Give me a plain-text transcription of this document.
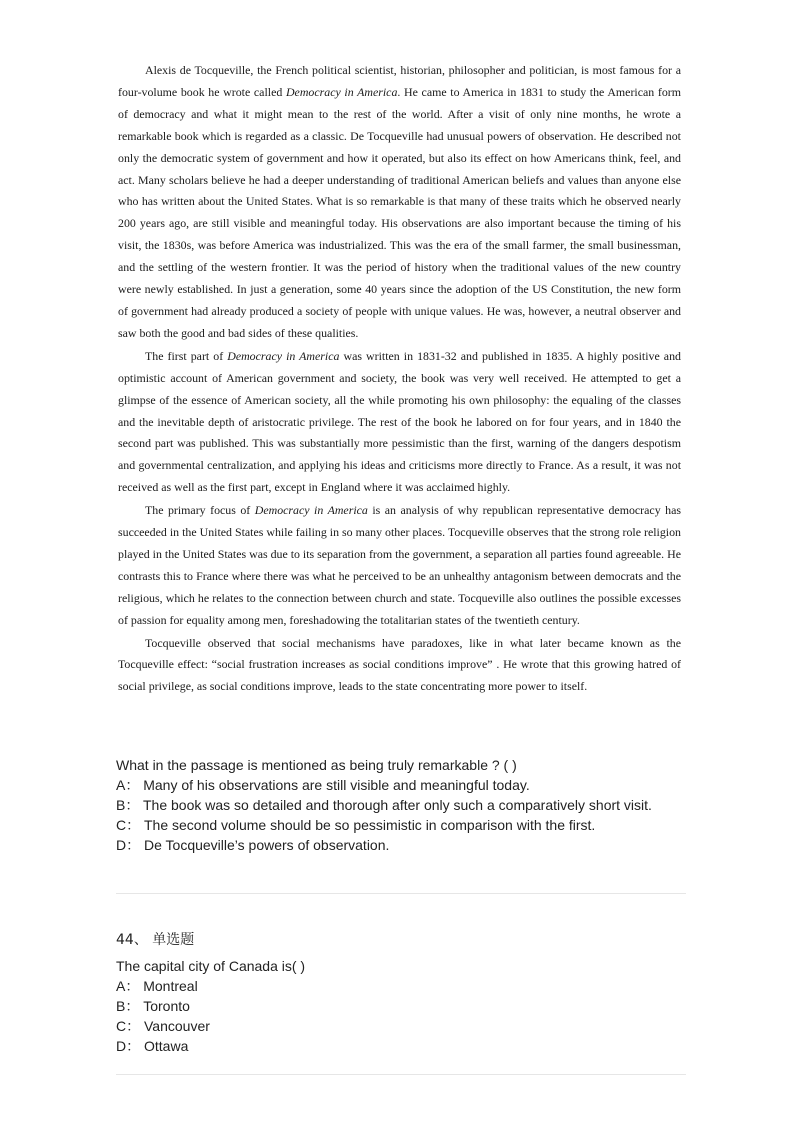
Alexis de Tocqueville, the French political scientist, historian, philosopher and politician, is most famous for a four-volume book he wrote called Democracy in America. He came to America in 1831 to study the American form of democracy and what it might mean to the rest of the world. After a visit of only nine months, he wrote a remarkable book which is regarded as a classic. De Tocqueville had unusual powers of observation. He described not only the democratic system of government and how it operated, but also its effect on how Americans think, feel, and act. Many scholars believe he had a deeper understanding of traditional American beliefs and values than anyone else who has written about the United States. What is so remarkable is that many of these traits which he observed nearly 200 years ago, are still visible and meaningful today. His observations are also important because the timing of his visit, the 1830s, was before America was industrialized. This was the era of the small farmer, the small businessman, and the settling of the western frontier. It was the period of history when the traditional values of the new country were newly established. In just a generation, some 40 years since the adoption of the US Constitution, the new form of government had already produced a society of people with unique values. He was, however, a neutral observer and saw both the good and bad sides of these qualities.

The first part of Democracy in America was written in 1831-32 and published in 1835. A highly positive and optimistic account of American government and society, the book was very well received. He attempted to get a glimpse of the essence of American society, all the while promoting his own philosophy: the equaling of the classes and the inevitable depth of aristocratic privilege. The rest of the book he labored on for four years, and in 1840 the second part was published. This was substantially more pessimistic than the first, warning of the dangers despotism and governmental centralization, and applying his ideas and criticisms more directly to France. As a result, it was not received as well as the first part, except in England where it was acclaimed highly.

The primary focus of Democracy in America is an analysis of why republican representative democracy has succeeded in the United States while failing in so many other places. Tocqueville observes that the strong role religion played in the United States was due to its separation from the government, a separation all parties found agreeable. He contrasts this to France where there was what he perceived to be an unhealthy antagonism between democrats and the religious, which he relates to the connection between church and state. Tocqueville also outlines the possible excesses of passion for equality among men, foreshadowing the totalitarian states of the twentieth century.

Tocqueville observed that social mechanisms have paradoxes, like in what later became known as the Tocqueville effect: “social frustration increases as social conditions improve” . He wrote that this growing hatred of social privilege, as social conditions improve, leads to the state concentrating more power to itself.

What in the passage is mentioned as being truly remarkable ? ( )

A： Many of his observations are still visible and meaningful today.
B： The book was so detailed and thorough after only such a comparatively short visit.
C： The second volume should be so pessimistic in comparison with the first.
D： De Tocqueville’s powers of observation.
44、 单选题

The capital city of Canada is( )

A： Montreal
B： Toronto
C： Vancouver
D： Ottawa
